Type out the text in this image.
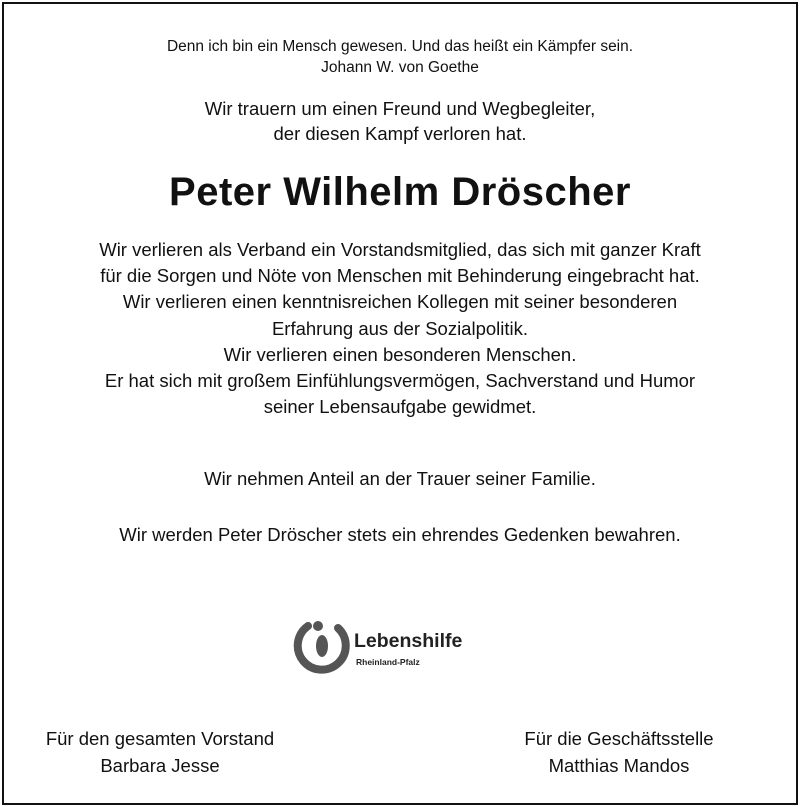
Denn ich bin ein Mensch gewesen. Und das heißt ein Kämpfer sein.
Johann W. von Goethe
Wir trauern um einen Freund und Wegbegleiter,
der diesen Kampf verloren hat.
Peter Wilhelm Dröscher
Wir verlieren als Verband ein Vorstandsmitglied, das sich mit ganzer Kraft
für die Sorgen und Nöte von Menschen mit Behinderung eingebracht hat.
Wir verlieren einen kenntnisreichen Kollegen mit seiner besonderen
Erfahrung aus der Sozialpolitik.
Wir verlieren einen besonderen Menschen.
Er hat sich mit großem Einfühlungsvermögen, Sachverstand und Humor
seiner Lebensaufgabe gewidmet.
Wir nehmen Anteil an der Trauer seiner Familie.
Wir werden Peter Dröscher stets ein ehrendes Gedenken bewahren.
Lebenshilfe
Rheinland-Pfalz
Für den gesamten Vorstand
Barbara Jesse
Für die Geschäftsstelle
Matthias Mandos
